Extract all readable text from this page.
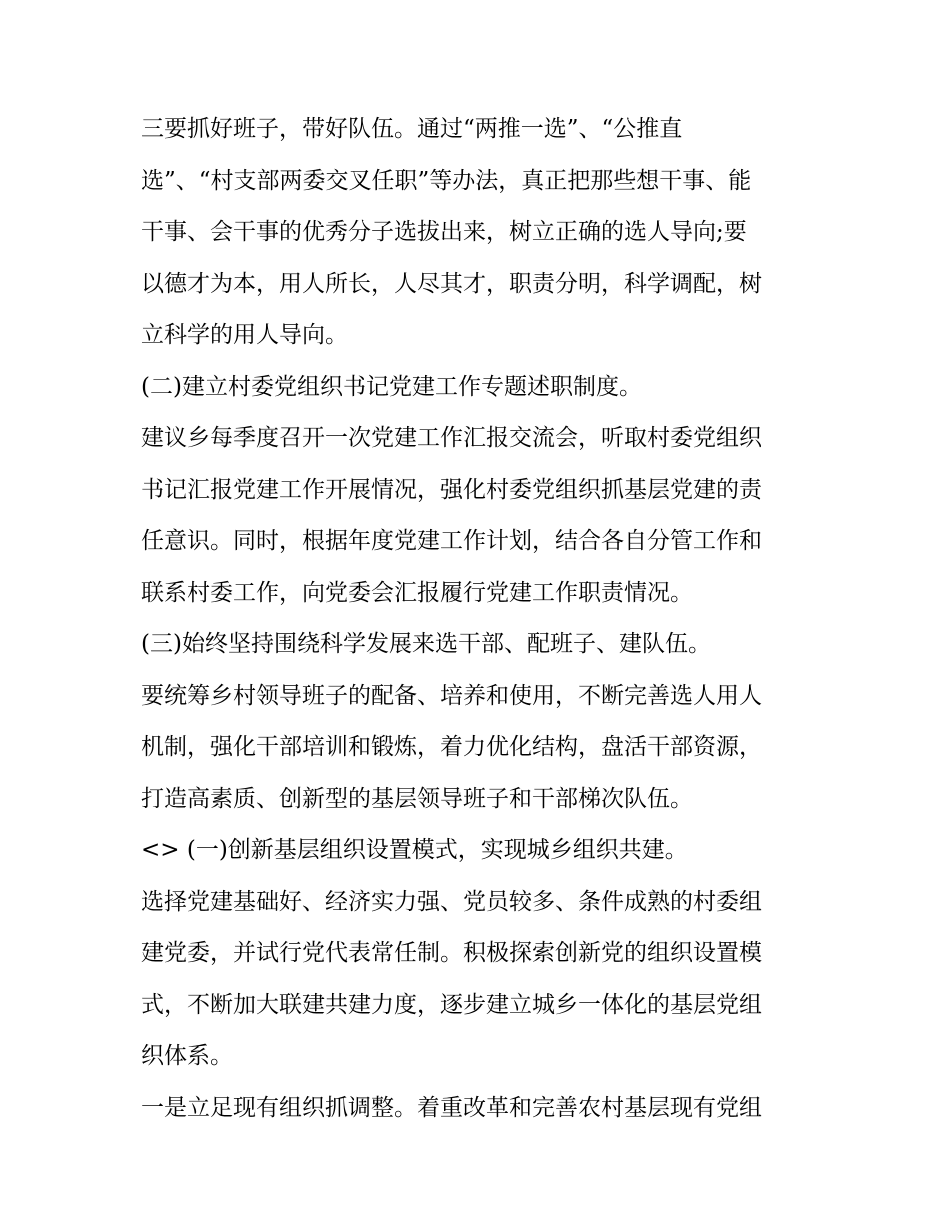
三要抓好班子，带好队伍。通过“两推一选”、“公推直
选”、“村支部两委交叉任职”等办法，真正把那些想干事、能
干事、会干事的优秀分子选拔出来，树立正确的选人导向;要
以德才为本，用人所长，人尽其才，职责分明，科学调配，树
立科学的用人导向。
(二)建立村委党组织书记党建工作专题述职制度。
建议乡每季度召开一次党建工作汇报交流会，听取村委党组织
书记汇报党建工作开展情况，强化村委党组织抓基层党建的责
任意识。同时，根据年度党建工作计划，结合各自分管工作和
联系村委工作，向党委会汇报履行党建工作职责情况。
(三)始终坚持围绕科学发展来选干部、配班子、建队伍。
要统筹乡村领导班子的配备、培养和使用，不断完善选人用人
机制，强化干部培训和锻炼，着力优化结构，盘活干部资源，
打造高素质、创新型的基层领导班子和干部梯次队伍。
<> (一)创新基层组织设置模式，实现城乡组织共建。
选择党建基础好、经济实力强、党员较多、条件成熟的村委组
建党委，并试行党代表常任制。积极探索创新党的组织设置模
式，不断加大联建共建力度，逐步建立城乡一体化的基层党组
织体系。
一是立足现有组织抓调整。着重改革和完善农村基层现有党组
